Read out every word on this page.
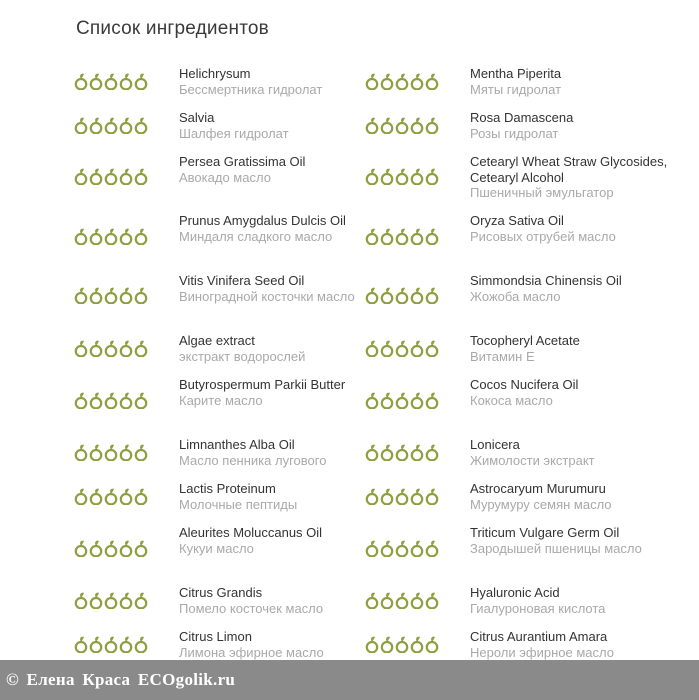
Список ингредиентов
Helichrysum
Бессмертника гидролат
Salvia
Шалфея гидролат
Persea Gratissima Oil
Авокадо масло
Prunus Amygdalus Dulcis Oil
Миндаля сладкого масло
Vitis Vinifera Seed Oil
Виноградной косточки масло
Algae extract
экстракт водорослей
Butyrospermum Parkii Butter
Карите масло
Limnanthes Alba Oil
Масло пенника лугового
Lactis Proteinum
Молочные пептиды
Aleurites Moluccanus Oil
Кукуи масло
Citrus Grandis
Помело косточек масло
Citrus Limon
Лимона эфирное масло
Mentha Piperita
Мяты гидролат
Rosa Damascena
Розы гидролат
Cetearyl Wheat Straw Glycosides, Cetearyl Alcohol
Пшеничный эмульгатор
Oryza Sativa Oil
Рисовых отрубей масло
Simmondsia Chinensis Oil
Жожоба масло
Tocopheryl Acetate
Витамин Е
Cocos Nucifera Oil
Кокоса масло
Lonicera
Жимолости экстракт
Astrocaryum Murumuru
Мурумуру семян масло
Triticum Vulgare Germ Oil
Зародышей пшеницы масло
Hyaluronic Acid
Гиалуроновая кислота
Citrus Aurantium Amara
Нероли эфирное масло
© Елена Краса ECOgolik.ru
